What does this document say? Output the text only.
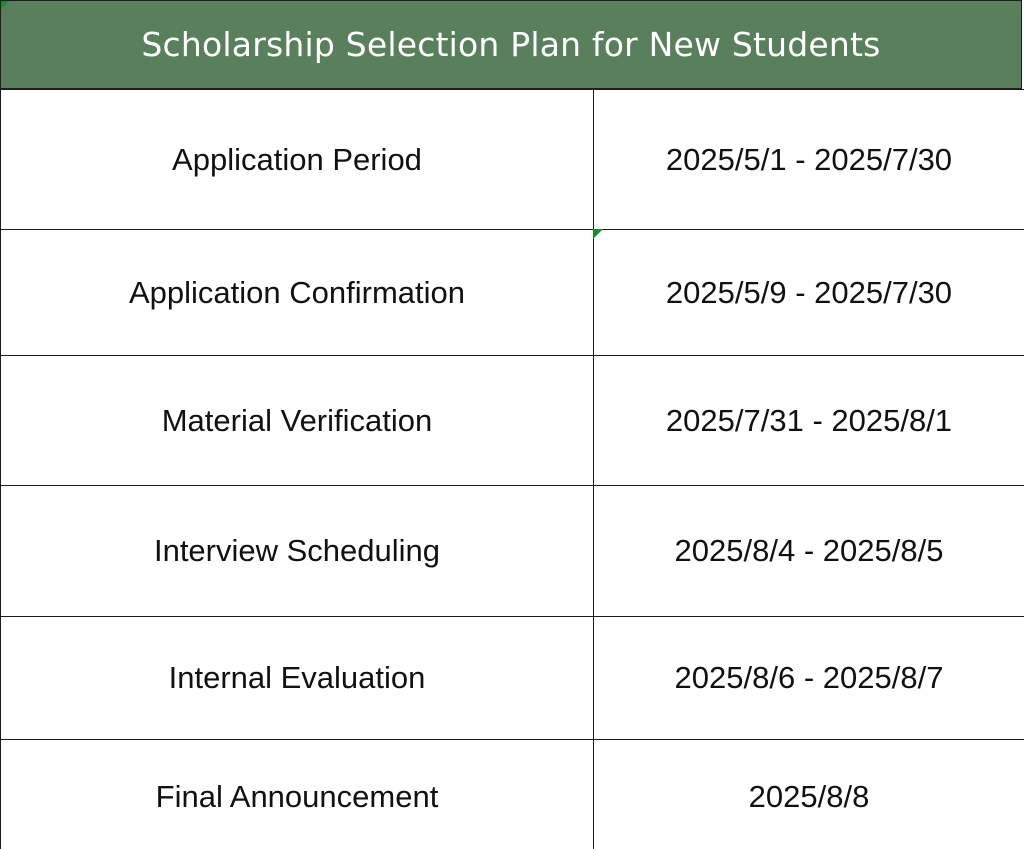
Scholarship Selection Plan for New Students
Application Period	2025/5/1 - 2025/7/30
Application Confirmation	2025/5/9 - 2025/7/30
Material Verification	2025/7/31 - 2025/8/1
Interview Scheduling	2025/8/4 - 2025/8/5
Internal Evaluation	2025/8/6 - 2025/8/7
Final Announcement	2025/8/8
